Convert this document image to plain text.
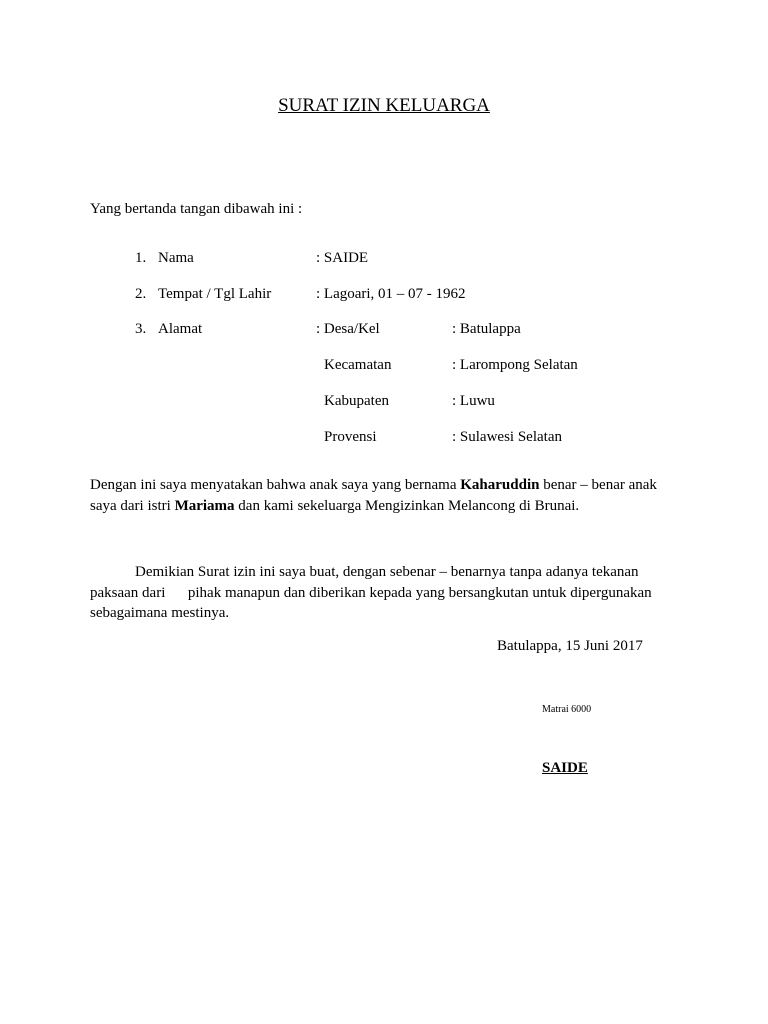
SURAT IZIN KELUARGA
Yang bertanda tangan dibawah ini :
1. Nama	: SAIDE
2. Tempat / Tgl Lahir	: Lagoari, 01 – 07 - 1962
3. Alamat	: Desa/Kel	: Batulappa
Kecamatan	: Larompong Selatan
Kabupaten	: Luwu
Provensi	: Sulawesi Selatan
Dengan ini saya menyatakan bahwa anak saya yang bernama Kaharuddin benar – benar anak saya dari istri Mariama dan kami sekeluarga Mengizinkan Melancong di Brunai.
Demikian Surat izin ini saya buat, dengan sebenar – benarnya tanpa adanya tekanan
paksaan dari      pihak manapun dan diberikan kepada yang bersangkutan untuk dipergunakan
sebagaimana mestinya.
Batulappa, 15 Juni 2017
Matrai 6000
SAIDE
